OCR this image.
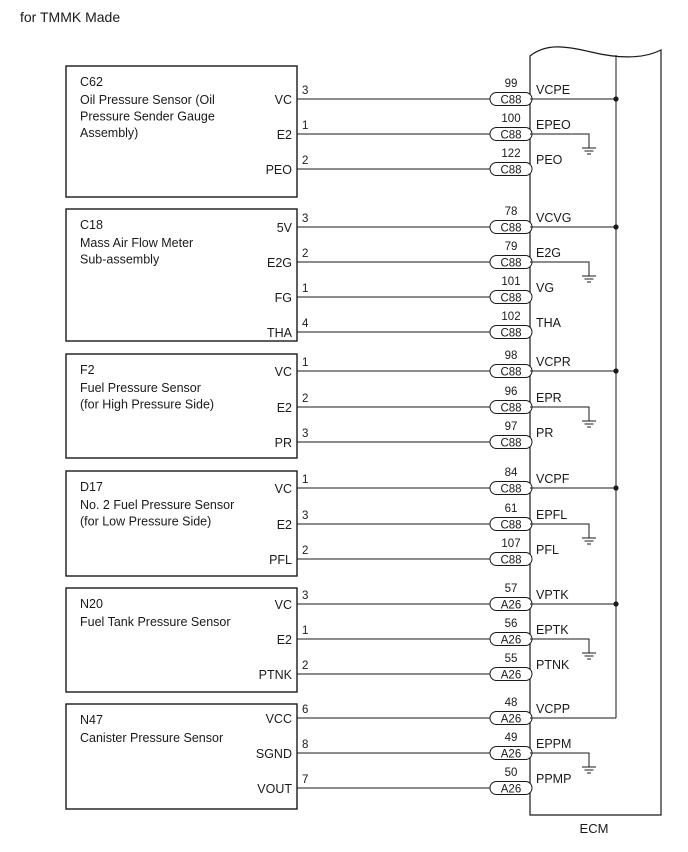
for TMMK Made
C62
Oil Pressure Sensor (Oil
Pressure Sender Gauge
Assembly)
VC
3
99
C88
VCPE
E2
1
100
C88
EPEO
PEO
2
122
C88
PEO
C18
Mass Air Flow Meter
Sub-assembly
5V
3
78
C88
VCVG
E2G
2
79
C88
E2G
FG
1
101
C88
VG
THA
4
102
C88
THA
F2
Fuel Pressure Sensor
(for High Pressure Side)
VC
1
98
C88
VCPR
E2
2
96
C88
EPR
PR
3
97
C88
PR
D17
No. 2 Fuel Pressure Sensor
(for Low Pressure Side)
VC
1
84
C88
VCPF
E2
3
61
C88
EPFL
PFL
2
107
C88
PFL
N20
Fuel Tank Pressure Sensor
VC
3
57
A26
VPTK
E2
1
56
A26
EPTK
PTNK
2
55
A26
PTNK
N47
Canister Pressure Sensor
VCC
6
48
A26
VCPP
SGND
8
49
A26
EPPM
VOUT
7
50
A26
PPMP
ECM
